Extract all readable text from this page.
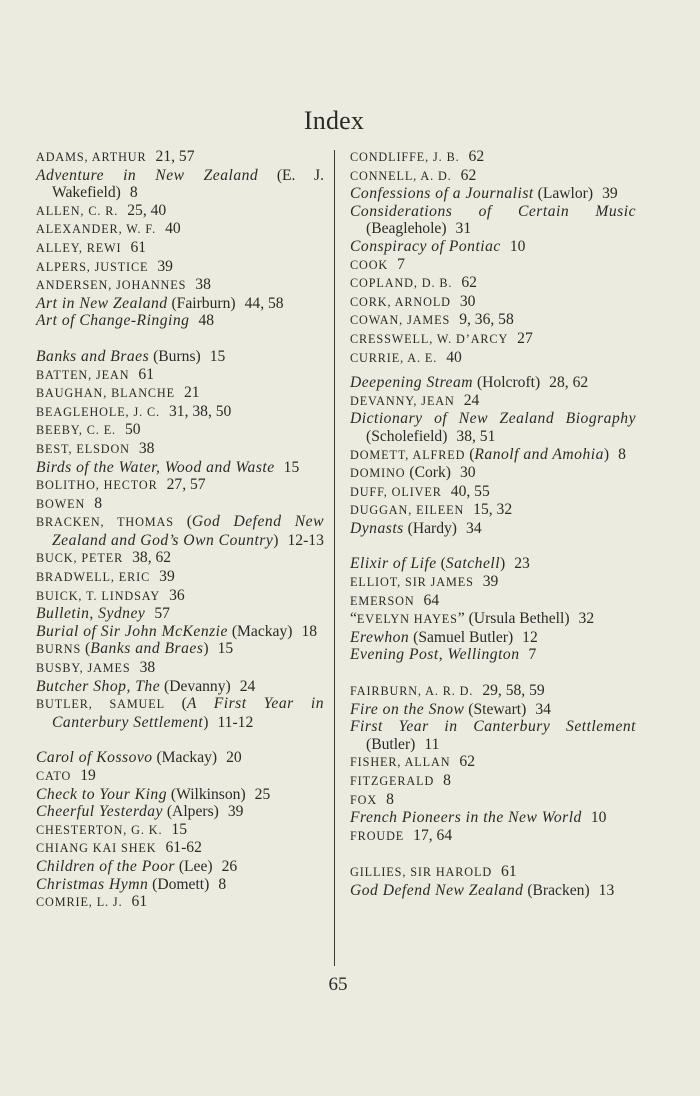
Index
ADAMS, ARTHUR 21, 57
Adventure in New Zealand (E. J. Wakefield) 8
ALLEN, C. R. 25, 40
ALEXANDER, W. F. 40
ALLEY, REWI 61
ALPERS, JUSTICE 39
ANDERSEN, JOHANNES 38
Art in New Zealand (Fairburn) 44, 58
Art of Change-Ringing 48
Banks and Braes (Burns) 15
BATTEN, JEAN 61
BAUGHAN, BLANCHE 21
BEAGLEHOLE, J. C. 31, 38, 50
BEEBY, C. E. 50
BEST, ELSDON 38
Birds of the Water, Wood and Waste 15
BOLITHO, HECTOR 27, 57
BOWEN 8
BRACKEN, THOMAS (God Defend New Zealand and God’s Own Country) 12-13
BUCK, PETER 38, 62
BRADWELL, ERIC 39
BUICK, T. LINDSAY 36
Bulletin, Sydney 57
Burial of Sir John McKenzie (Mackay) 18
BURNS (Banks and Braes) 15
BUSBY, JAMES 38
Butcher Shop, The (Devanny) 24
BUTLER, SAMUEL (A First Year in Canterbury Settlement) 11-12
Carol of Kossovo (Mackay) 20
CATO 19
Check to Your King (Wilkinson) 25
Cheerful Yesterday (Alpers) 39
CHESTERTON, G. K. 15
CHIANG KAI SHEK 61-62
Children of the Poor (Lee) 26
Christmas Hymn (Domett) 8
COMRIE, L. J. 61
CONDLIFFE, J. B. 62
CONNELL, A. D. 62
Confessions of a Journalist (Lawlor) 39
Considerations of Certain Music (Beaglehole) 31
Conspiracy of Pontiac 10
COOK 7
COPLAND, D. B. 62
CORK, ARNOLD 30
COWAN, JAMES 9, 36, 58
CRESSWELL, W. D’ARCY 27
CURRIE, A. E. 40
Deepening Stream (Holcroft) 28, 62
DEVANNY, JEAN 24
Dictionary of New Zealand Biography (Scholefield) 38, 51
DOMETT, ALFRED (Ranolf and Amohia) 8
DOMINO (Cork) 30
DUFF, OLIVER 40, 55
DUGGAN, EILEEN 15, 32
Dynasts (Hardy) 34
Elixir of Life (Satchell) 23
ELLIOT, SIR JAMES 39
EMERSON 64
“EVELYN HAYES” (Ursula Bethell) 32
Erewhon (Samuel Butler) 12
Evening Post, Wellington 7
FAIRBURN, A. R. D. 29, 58, 59
Fire on the Snow (Stewart) 34
First Year in Canterbury Settlement (Butler) 11
FISHER, ALLAN 62
FITZGERALD 8
FOX 8
French Pioneers in the New World 10
FROUDE 17, 64
GILLIES, SIR HAROLD 61
God Defend New Zealand (Bracken) 13
65
